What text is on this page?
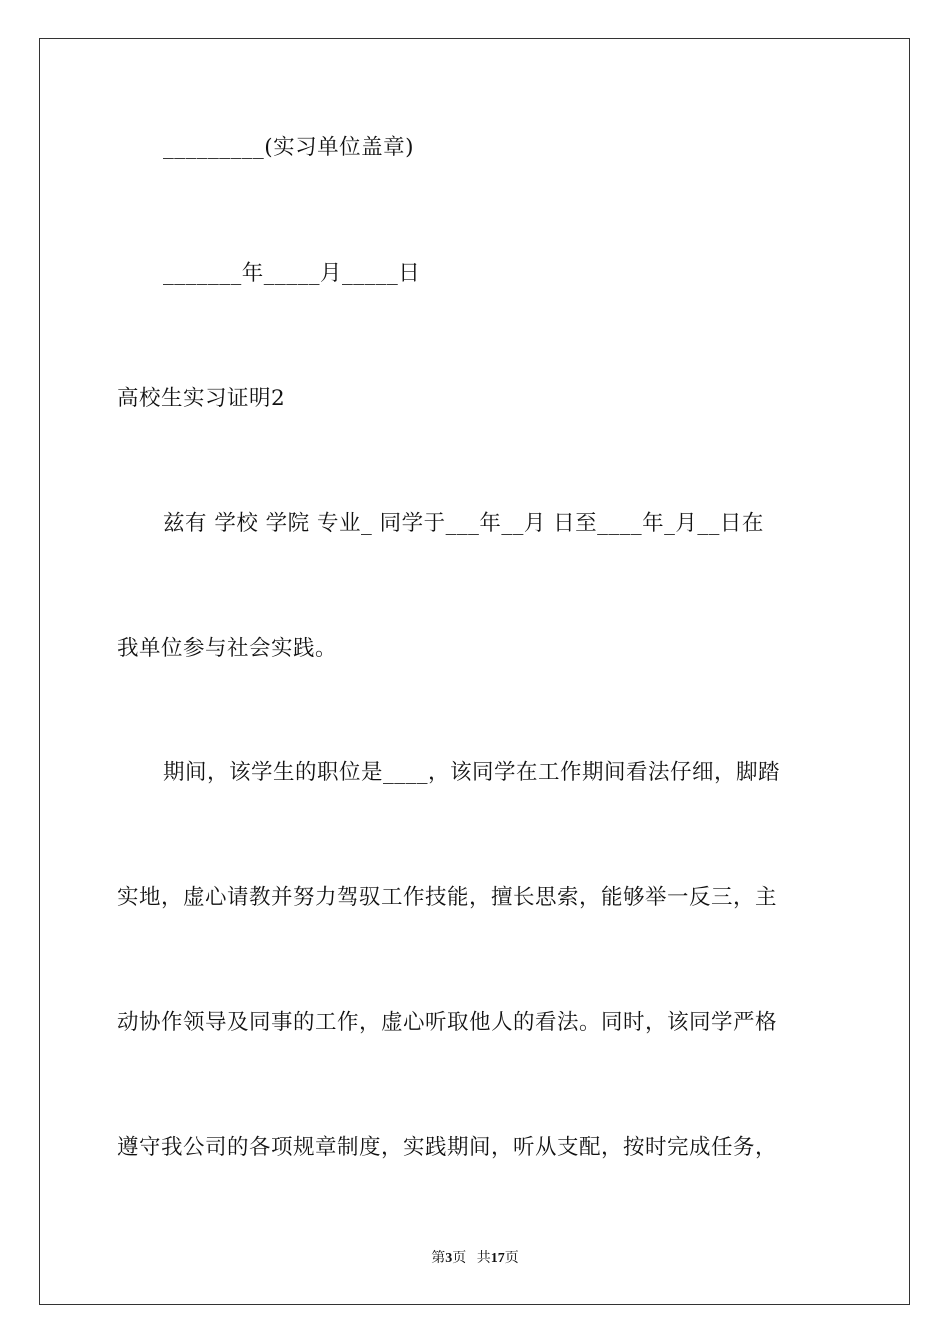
_________(实习单位盖章)
_______年_____月_____日
高校生实习证明2
兹有 学校 学院 专业_ 同学于___年__月 日至____年_月__日在
我单位参与社会实践。
期间，该学生的职位是____，该同学在工作期间看法仔细，脚踏
实地，虚心请教并努力驾驭工作技能，擅长思索，能够举一反三，主
动协作领导及同事的工作，虚心听取他人的看法。同时，该同学严格
遵守我公司的各项规章制度，实践期间，听从支配，按时完成任务，
第3页 共17页
